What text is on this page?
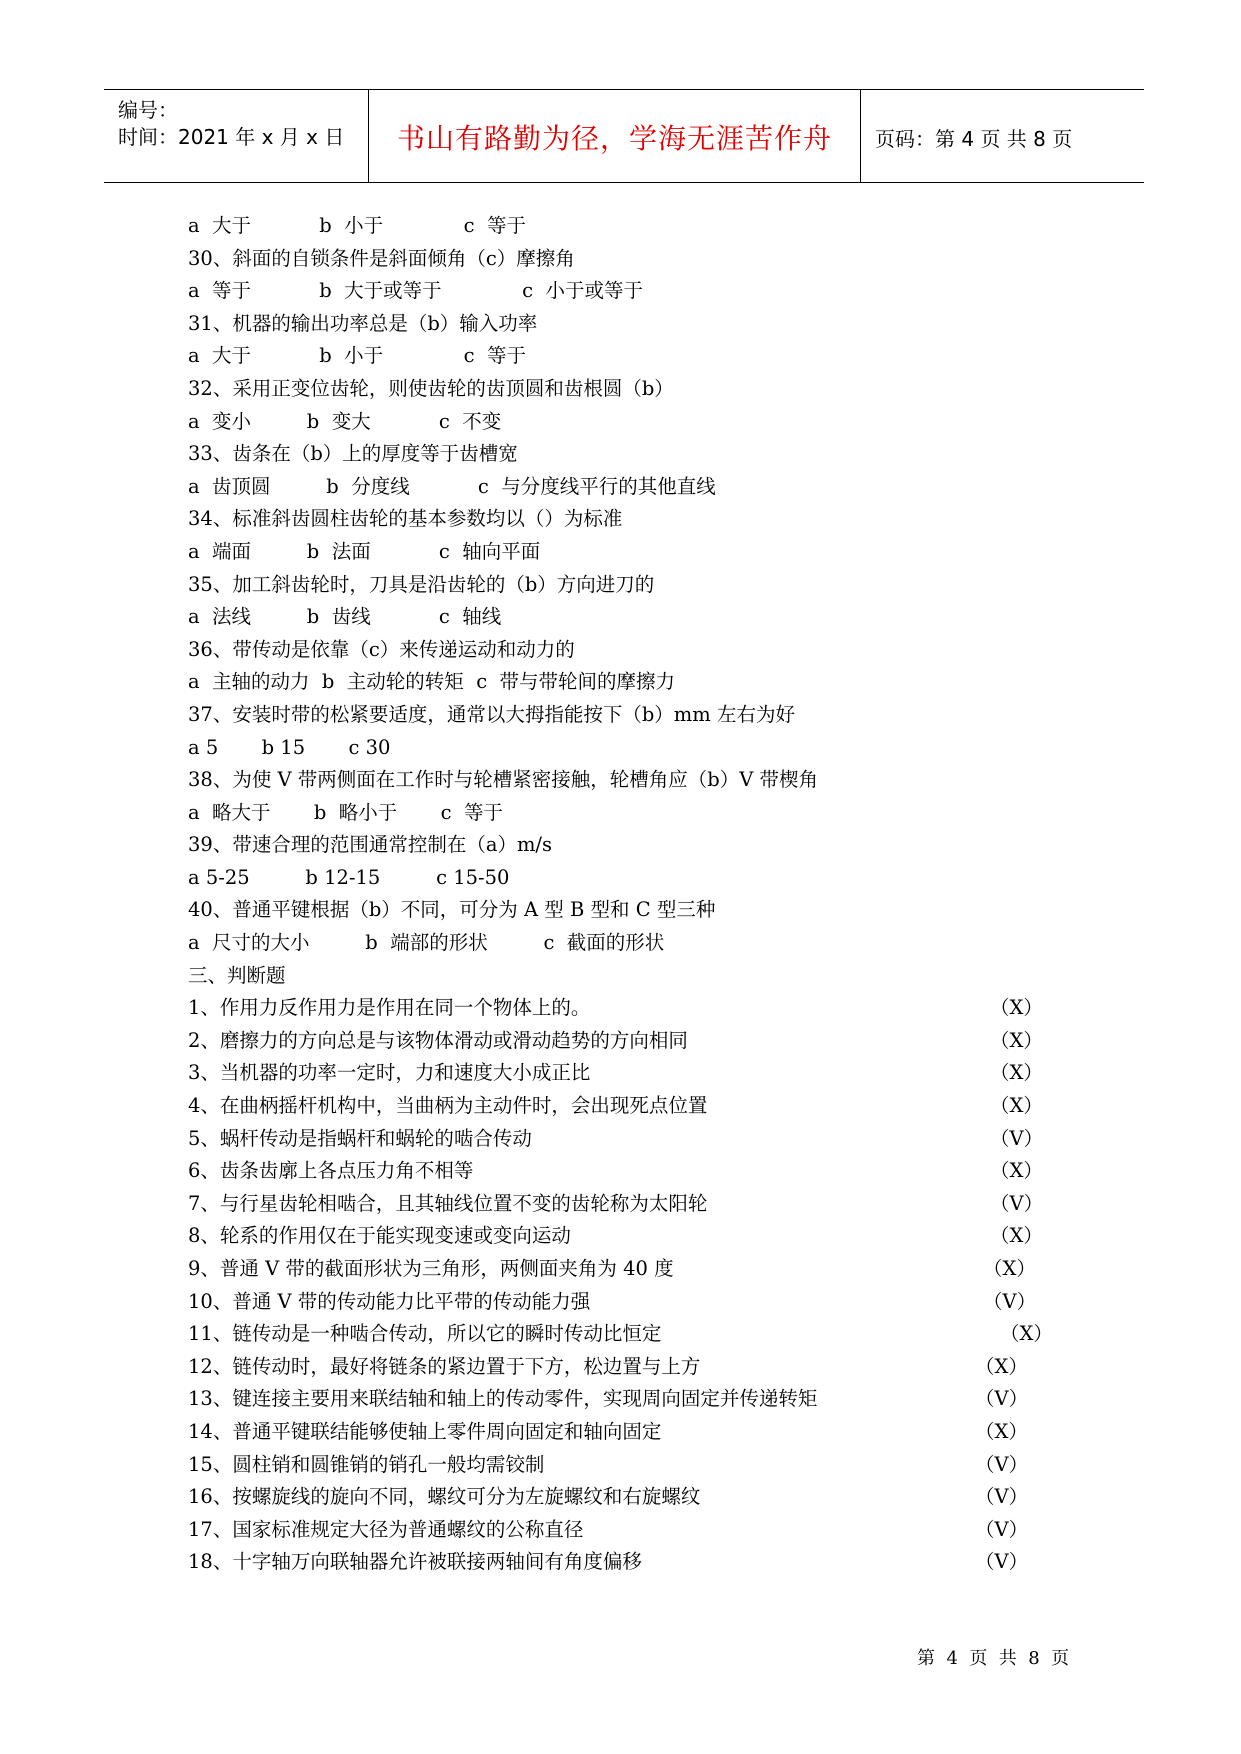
编号：
时间：2021 年 x 月 x 日	书山有路勤为径，学海无涯苦作舟	页码：第 4 页 共 8 页
a  大于           b  小于             c  等于
30、斜面的自锁条件是斜面倾角（c）摩擦角
a  等于           b  大于或等于             c  小于或等于
31、机器的输出功率总是（b）输入功率
a  大于           b  小于             c  等于
32、采用正变位齿轮，则使齿轮的齿顶圆和齿根圆（b）
a  变小         b  变大           c  不变
33、齿条在（b）上的厚度等于齿槽宽
a  齿顶圆         b  分度线           c  与分度线平行的其他直线
34、标准斜齿圆柱齿轮的基本参数均以（）为标准
a  端面         b  法面           c  轴向平面
35、加工斜齿轮时，刀具是沿齿轮的（b）方向进刀的
a  法线         b  齿线           c  轴线
36、带传动是依靠（c）来传递运动和动力的
a  主轴的动力  b  主动轮的转矩  c  带与带轮间的摩擦力
37、安装时带的松紧要适度，通常以大拇指能按下（b）mm 左右为好
a 5       b 15       c 30
38、为使 V 带两侧面在工作时与轮槽紧密接触，轮槽角应（b）V 带楔角
a  略大于       b  略小于       c  等于
39、带速合理的范围通常控制在（a）m/s
a 5-25         b 12-15         c 15-50
40、普通平键根据（b）不同，可分为 A 型 B 型和 C 型三种
a  尺寸的大小         b  端部的形状         c  截面的形状
三、判断题
1、作用力反作用力是作用在同一个物体上的。	（X）
2、磨擦力的方向总是与该物体滑动或滑动趋势的方向相同	（X）
3、当机器的功率一定时，力和速度大小成正比	（X）
4、在曲柄摇杆机构中，当曲柄为主动件时，会出现死点位置	（X）
5、蜗杆传动是指蜗杆和蜗轮的啮合传动	（V）
6、齿条齿廓上各点压力角不相等	（X）
7、与行星齿轮相啮合，且其轴线位置不变的齿轮称为太阳轮	（V）
8、轮系的作用仅在于能实现变速或变向运动	（X）
9、普通 V 带的截面形状为三角形，两侧面夹角为 40 度	（X）
10、普通 V 带的传动能力比平带的传动能力强	（V）
11、链传动是一种啮合传动，所以它的瞬时传动比恒定	（X）
12、链传动时，最好将链条的紧边置于下方，松边置与上方	（X）
13、键连接主要用来联结轴和轴上的传动零件，实现周向固定并传递转矩	（V）
14、普通平键联结能够使轴上零件周向固定和轴向固定	（X）
15、圆柱销和圆锥销的销孔一般均需铰制	（V）
16、按螺旋线的旋向不同，螺纹可分为左旋螺纹和右旋螺纹	（V）
17、国家标准规定大径为普通螺纹的公称直径	（V）
18、十字轴万向联轴器允许被联接两轴间有角度偏移	（V）
第  4  页  共  8  页
